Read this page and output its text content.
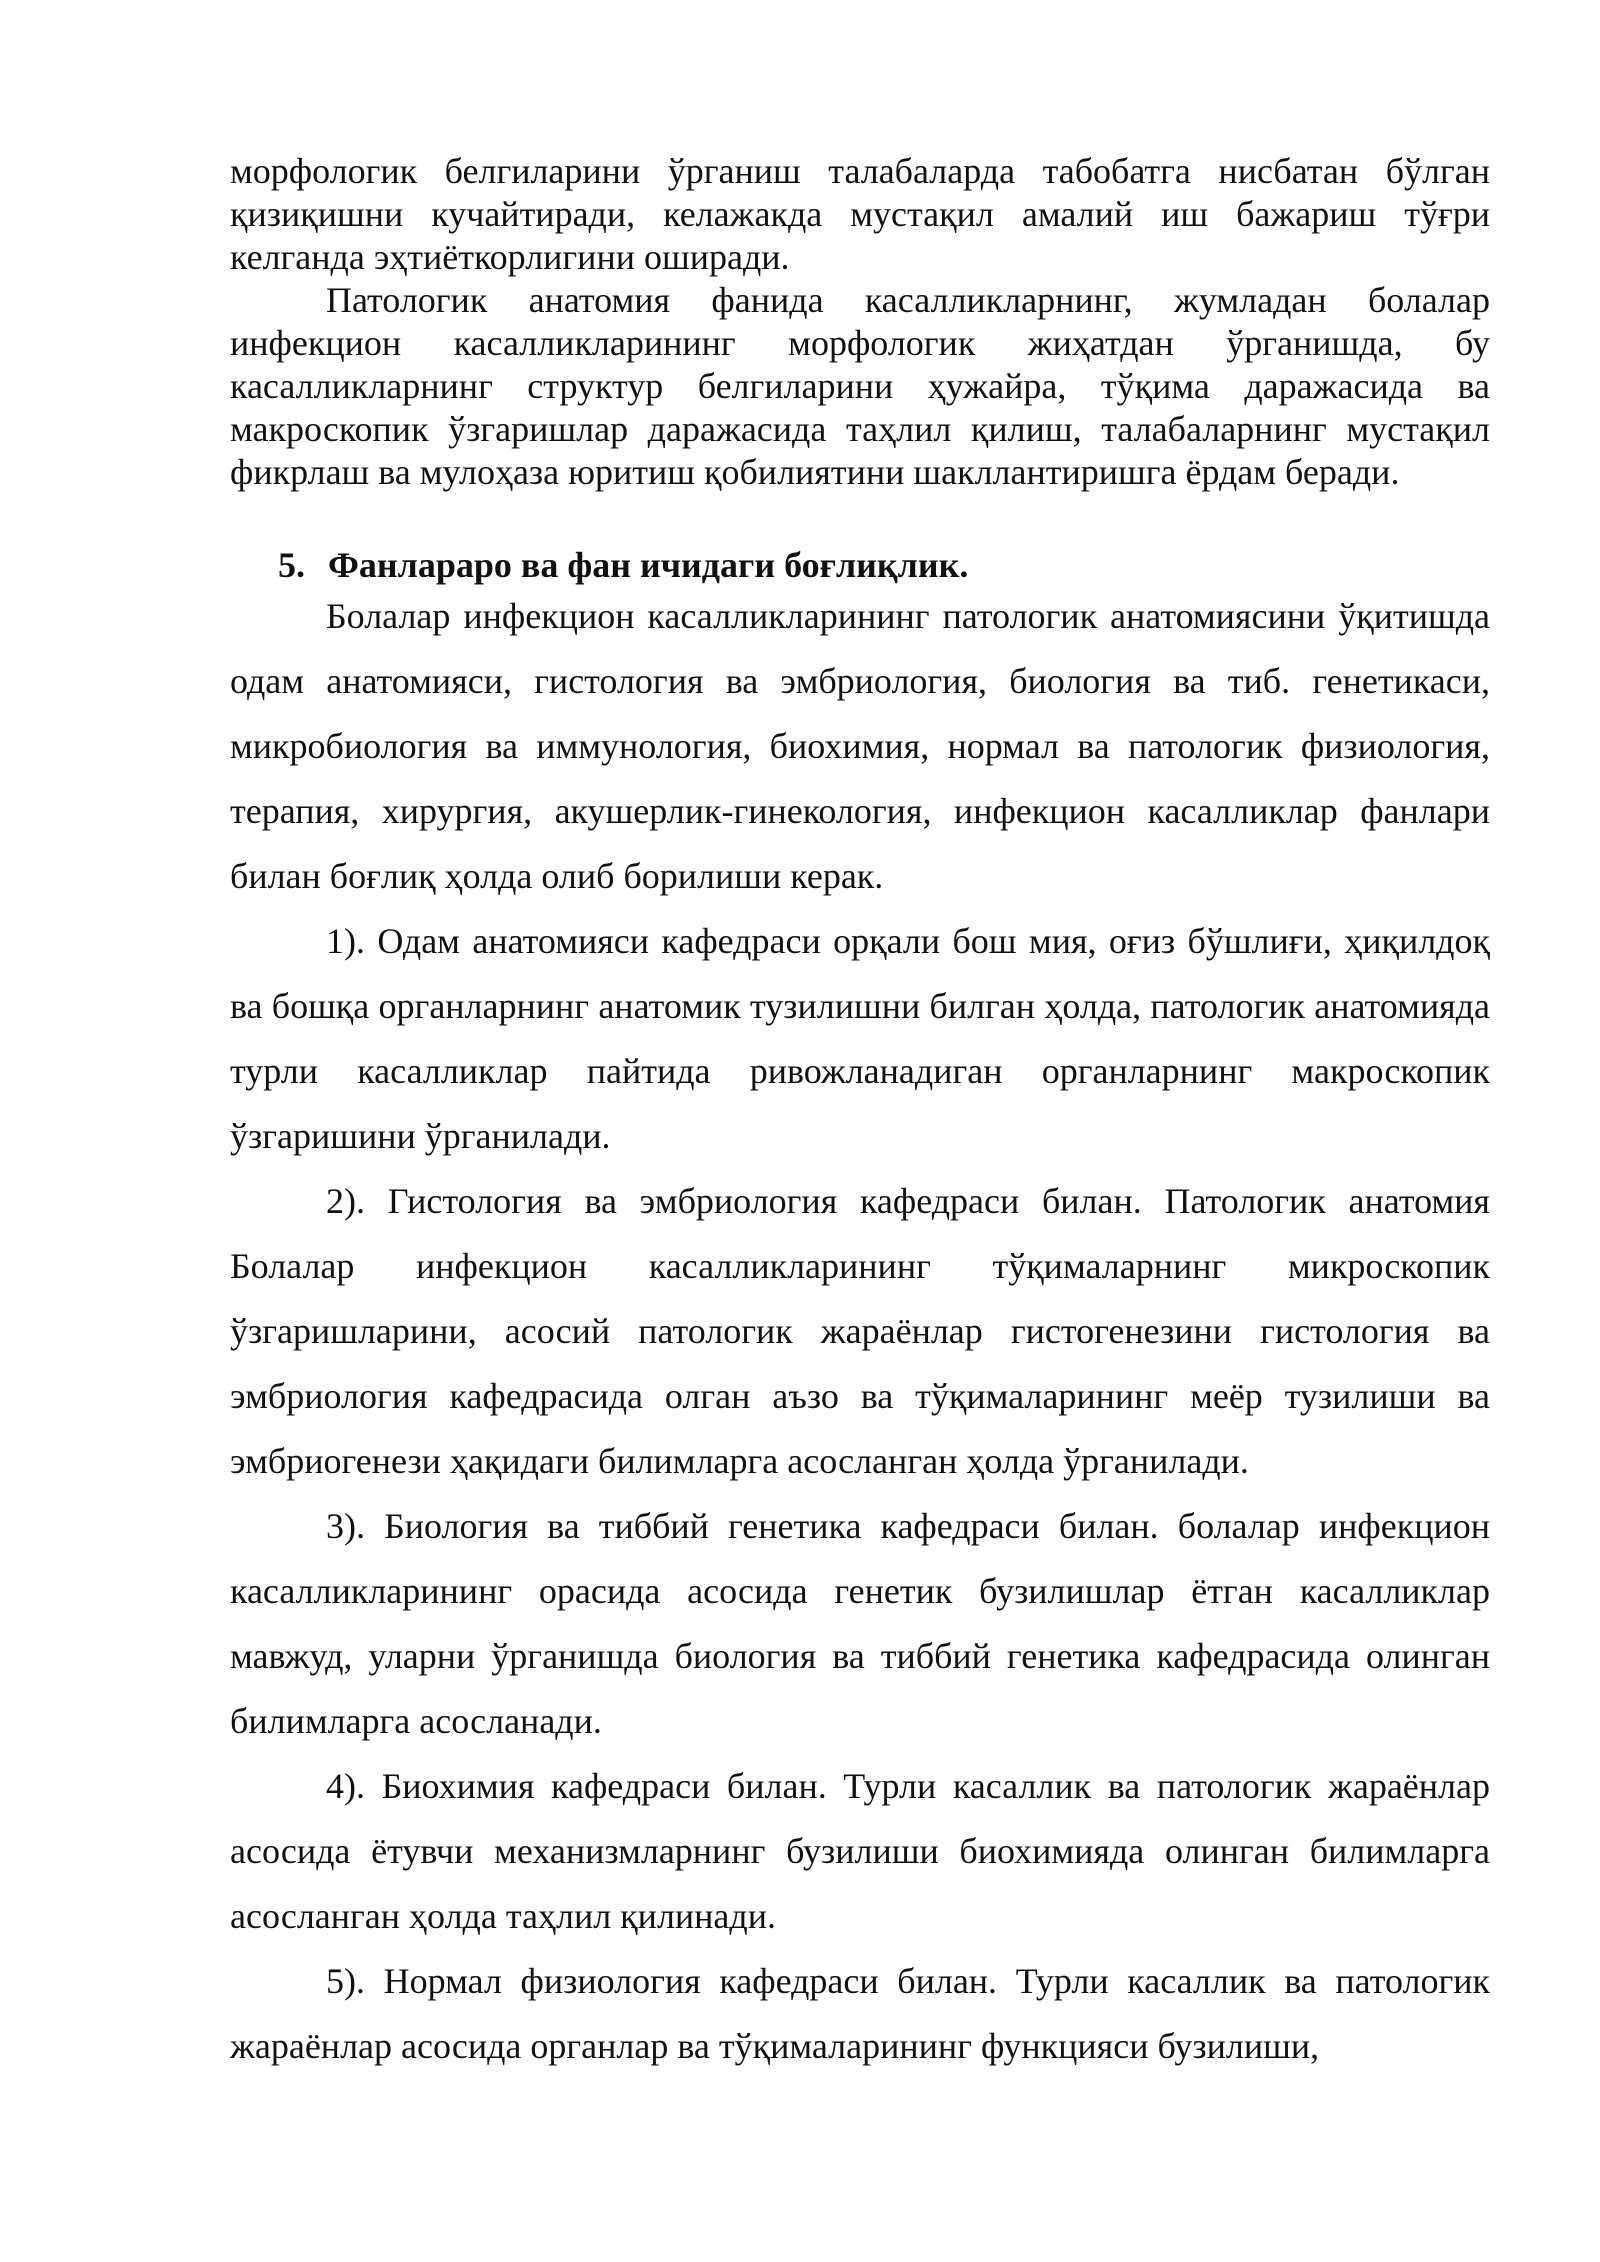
морфологик белгиларини ўрганиш талабаларда табобатга нисбатан бўлган қизиқишни кучайтиради, келажакда мустақил амалий иш бажариш тўғри келганда эҳтиёткорлигини оширади.

Патологик анатомия фанида касалликларнинг, жумладан болалар инфекцион касалликларининг морфологик жиҳатдан ўрганишда, бу касалликларнинг структур белгиларини ҳужайра, тўқима даражасида ва макроскопик ўзгаришлар даражасида таҳлил қилиш, талабаларнинг мустақил фикрлаш ва мулоҳаза юритиш қобилиятини шакллантиришга ёрдам беради.

5. Фанлараро ва фан ичидаги боғлиқлик.

Болалар инфекцион касалликларининг патологик анатомиясини ўқитишда одам анатомияси, гистология ва эмбриология, биология ва тиб. генетикаси, микробиология ва иммунология, биохимия, нормал ва патологик физиология, терапия, хирургия, акушерлик-гинекология, инфекцион касалликлар фанлари билан боғлиқ ҳолда олиб борилиши керак.

1). Одам анатомияси кафедраси орқали бош мия, оғиз бўшлиғи, ҳиқилдоқ ва бошқа органларнинг анатомик тузилишни билган ҳолда, патологик анатомияда турли касалликлар пайтида ривожланадиган органларнинг макроскопик ўзгаришини ўрганилади.

2). Гистология ва эмбриология кафедраси билан. Патологик анатомия Болалар инфекцион касалликларининг тўқималарнинг микроскопик ўзгаришларини, асосий патологик жараёнлар гистогенезини гистология ва эмбриология кафедрасида олган аъзо ва тўқималарининг меёр тузилиши ва эмбриогенези ҳақидаги билимларга асосланган ҳолда ўрганилади.

3). Биология ва тиббий генетика кафедраси билан. болалар инфекцион касалликларининг орасида асосида генетик бузилишлар ётган касалликлар мавжуд, уларни ўрганишда биология ва тиббий генетика кафедрасида олинган билимларга асосланади.

4). Биохимия кафедраси билан. Турли касаллик ва патологик жараёнлар асосида ётувчи механизмларнинг бузилиши биохимияда олинган билимларга асосланган ҳолда таҳлил қилинади.

5). Нормал физиология кафедраси билан. Турли касаллик ва патологик жараёнлар асосида органлар ва тўқималарининг функцияси бузилиши,
